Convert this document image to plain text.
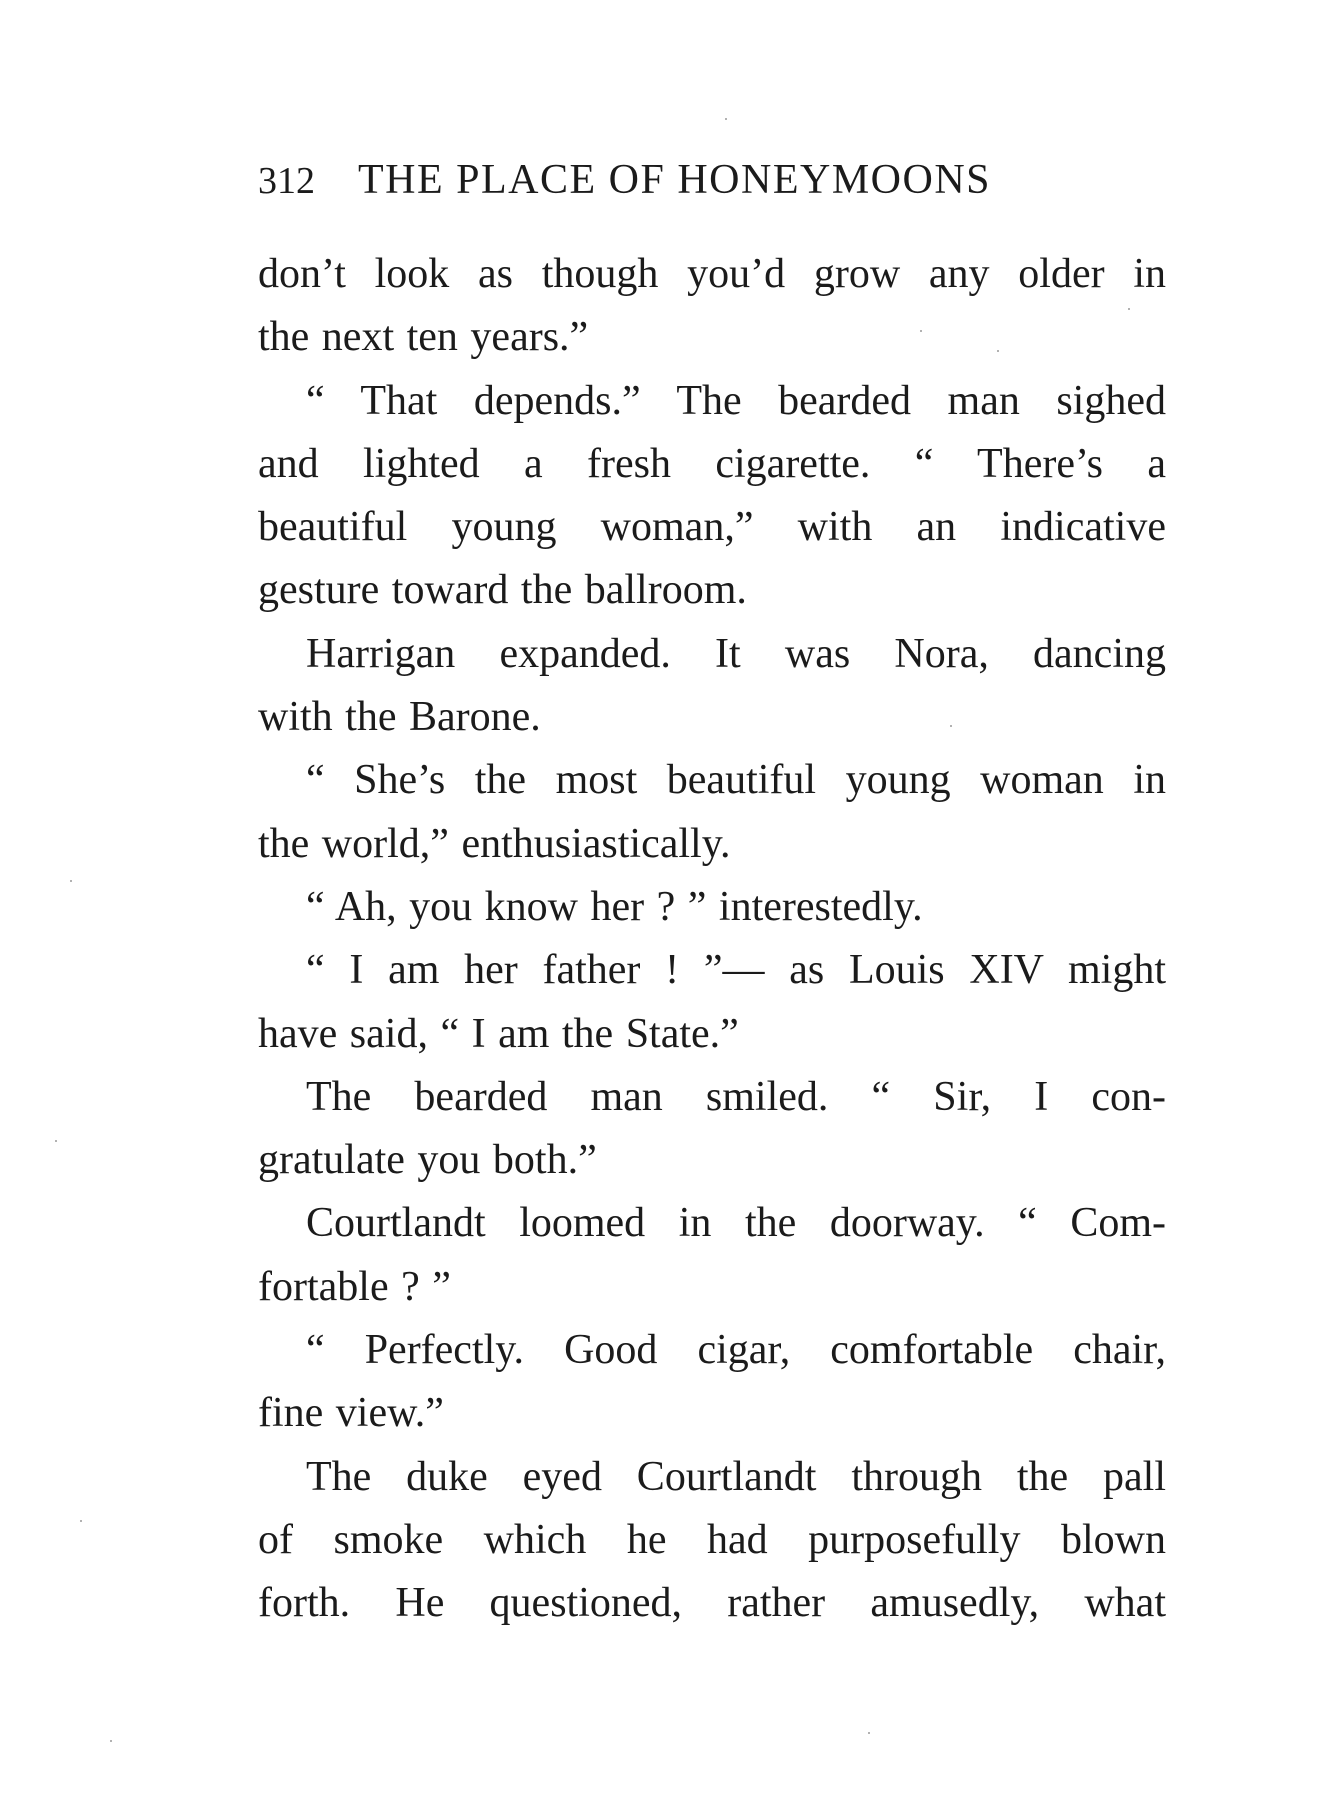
312 THE PLACE OF HONEYMOONS
don’t look as though you’d grow any older in
the next ten years.”
“ That depends.” The bearded man sighed
and lighted a fresh cigarette. “ There’s a
beautiful young woman,” with an indicative
gesture toward the ballroom.
Harrigan expanded. It was Nora, dancing
with the Barone.
“ She’s the most beautiful young woman in
the world,” enthusiastically.
“ Ah, you know her ? ” interestedly.
“ I am her father ! ”— as Louis XIV might
have said, “ I am the State.”
The bearded man smiled. “ Sir, I con-
gratulate you both.”
Courtlandt loomed in the doorway. “ Com-
fortable ? ”
“ Perfectly. Good cigar, comfortable chair,
fine view.”
The duke eyed Courtlandt through the pall
of smoke which he had purposefully blown
forth. He questioned, rather amusedly, what
